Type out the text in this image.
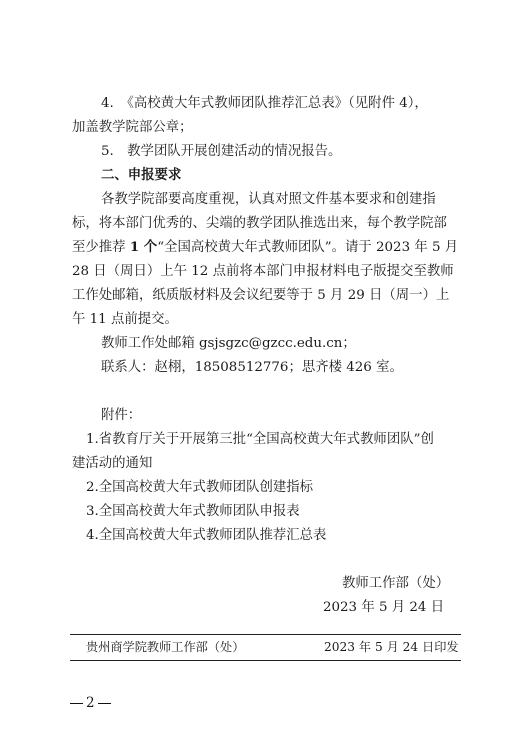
4.　《高校黄大年式教师团队推荐汇总表》（见附件 4），
加盖教学院部公章；
5.　教学团队开展创建活动的情况报告。
二、申报要求
各教学院部要高度重视，认真对照文件基本要求和创建指
标，将本部门优秀的、尖端的教学团队推选出来，每个教学院部
至少推荐 1 个“全国高校黄大年式教师团队”。请于 2023 年 5 月
28 日（周日）上午 12 点前将本部门申报材料电子版提交至教师
工作处邮箱，纸质版材料及会议纪要等于 5 月 29 日（周一）上
午 11 点前提交。
教师工作处邮箱 gsjsgzc@gzcc.edu.cn；
联系人：赵栩，18508512776；思齐楼 426 室。
附件：
1.省教育厅关于开展第三批“全国高校黄大年式教师团队”创
建活动的通知
2.全国高校黄大年式教师团队创建指标
3.全国高校黄大年式教师团队申报表
4.全国高校黄大年式教师团队推荐汇总表
教师工作部（处）
2023 年 5 月 24 日
贵州商学院教师工作部（处）	2023 年 5 月 24 日印发
2
